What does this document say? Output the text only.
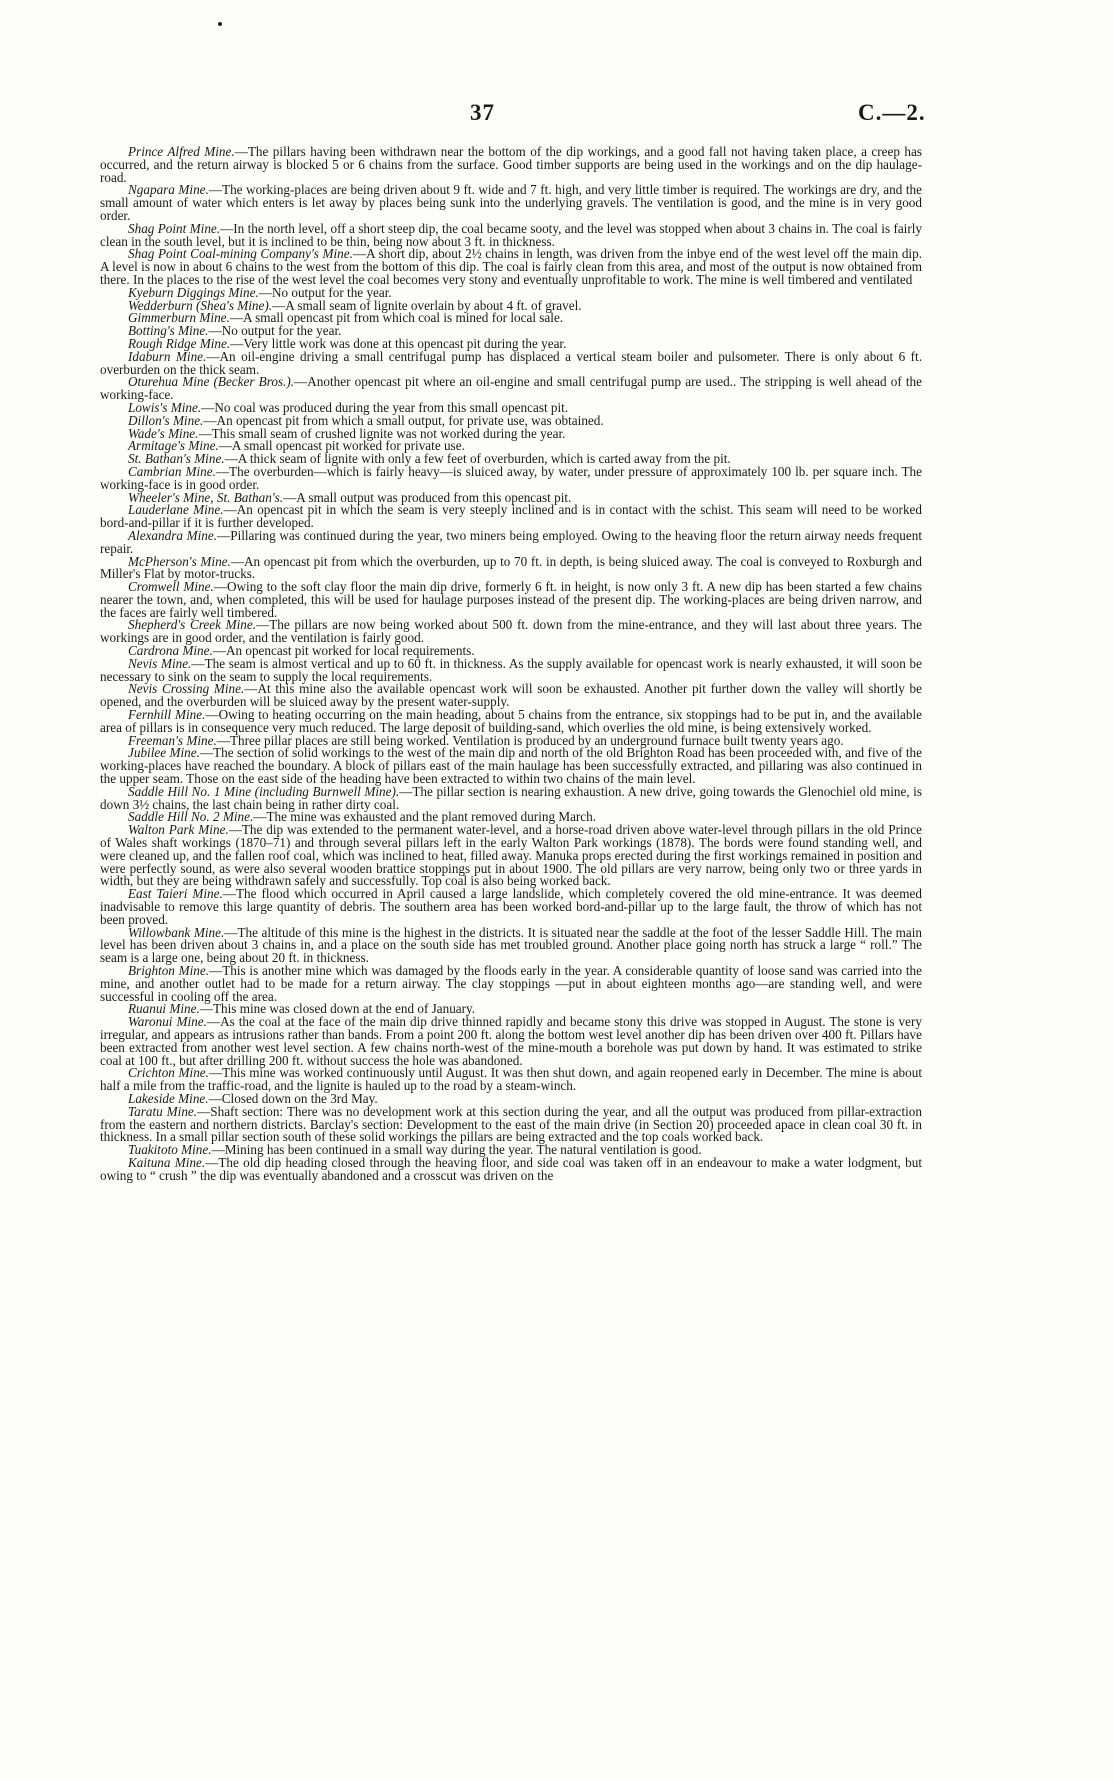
37	C.—2.

Prince Alfred Mine.—The pillars having been withdrawn near the bottom of the dip workings, and a good fall not having taken place, a creep has occurred, and the return airway is blocked 5 or 6 chains from the surface. Good timber supports are being used in the workings and on the dip haulage-road.

Ngapara Mine.—The working-places are being driven about 9 ft. wide and 7 ft. high, and very little timber is required. The workings are dry, and the small amount of water which enters is let away by places being sunk into the underlying gravels. The ventilation is good, and the mine is in very good order.

Shag Point Mine.—In the north level, off a short steep dip, the coal became sooty, and the level was stopped when about 3 chains in. The coal is fairly clean in the south level, but it is inclined to be thin, being now about 3 ft. in thickness.

Shag Point Coal-mining Company's Mine.—A short dip, about 2½ chains in length, was driven from the inbye end of the west level off the main dip. A level is now in about 6 chains to the west from the bottom of this dip. The coal is fairly clean from this area, and most of the output is now obtained from there. In the places to the rise of the west level the coal becomes very stony and eventually unprofitable to work. The mine is well timbered and ventilated

Kyeburn Diggings Mine.—No output for the year.

Wedderburn (Shea's Mine).—A small seam of lignite overlain by about 4 ft. of gravel.

Gimmerburn Mine.—A small opencast pit from which coal is mined for local sale.

Botting's Mine.—No output for the year.

Rough Ridge Mine.—Very little work was done at this opencast pit during the year.

Idaburn Mine.—An oil-engine driving a small centrifugal pump has displaced a vertical steam boiler and pulsometer. There is only about 6 ft. overburden on the thick seam.

Oturehua Mine (Becker Bros.).—Another opencast pit where an oil-engine and small centrifugal pump are used.. The stripping is well ahead of the working-face.

Lowis's Mine.—No coal was produced during the year from this small opencast pit.

Dillon's Mine.—An opencast pit from which a small output, for private use, was obtained.

Wade's Mine.—This small seam of crushed lignite was not worked during the year.

Armitage's Mine.—A small opencast pit worked for private use.

St. Bathan's Mine.—A thick seam of lignite with only a few feet of overburden, which is carted away from the pit.

Cambrian Mine.—The overburden—which is fairly heavy—is sluiced away, by water, under pressure of approximately 100 lb. per square inch. The working-face is in good order.

Wheeler's Mine, St. Bathan's.—A small output was produced from this opencast pit.

Lauderlane Mine.—An opencast pit in which the seam is very steeply inclined and is in contact with the schist. This seam will need to be worked bord-and-pillar if it is further developed.

Alexandra Mine.—Pillaring was continued during the year, two miners being employed. Owing to the heaving floor the return airway needs frequent repair.

McPherson's Mine.—An opencast pit from which the overburden, up to 70 ft. in depth, is being sluiced away. The coal is conveyed to Roxburgh and Miller's Flat by motor-trucks.

Cromwell Mine.—Owing to the soft clay floor the main dip drive, formerly 6 ft. in height, is now only 3 ft. A new dip has been started a few chains nearer the town, and, when completed, this will be used for haulage purposes instead of the present dip. The working-places are being driven narrow, and the faces are fairly well timbered.

Shepherd's Creek Mine.—The pillars are now being worked about 500 ft. down from the mine-entrance, and they will last about three years. The workings are in good order, and the ventilation is fairly good.

Cardrona Mine.—An opencast pit worked for local requirements.

Nevis Mine.—The seam is almost vertical and up to 60 ft. in thickness. As the supply available for opencast work is nearly exhausted, it will soon be necessary to sink on the seam to supply the local requirements.

Nevis Crossing Mine.—At this mine also the available opencast work will soon be exhausted. Another pit further down the valley will shortly be opened, and the overburden will be sluiced away by the present water-supply.

Fernhill Mine.—Owing to heating occurring on the main heading, about 5 chains from the entrance, six stoppings had to be put in, and the available area of pillars is in consequence very much reduced. The large deposit of building-sand, which overlies the old mine, is being extensively worked.

Freeman's Mine.—Three pillar places are still being worked. Ventilation is produced by an underground furnace built twenty years ago.

Jubilee Mine.—The section of solid workings to the west of the main dip and north of the old Brighton Road has been proceeded with, and five of the working-places have reached the boundary. A block of pillars east of the main haulage has been successfully extracted, and pillaring was also continued in the upper seam. Those on the east side of the heading have been extracted to within two chains of the main level.

Saddle Hill No. 1 Mine (including Burnwell Mine).—The pillar section is nearing exhaustion. A new drive, going towards the Glenochiel old mine, is down 3½ chains, the last chain being in rather dirty coal.

Saddle Hill No. 2 Mine.—The mine was exhausted and the plant removed during March.

Walton Park Mine.—The dip was extended to the permanent water-level, and a horse-road driven above water-level through pillars in the old Prince of Wales shaft workings (1870–71) and through several pillars left in the early Walton Park workings (1878). The bords were found standing well, and were cleaned up, and the fallen roof coal, which was inclined to heat, filled away. Manuka props erected during the first workings remained in position and were perfectly sound, as were also several wooden brattice stoppings put in about 1900. The old pillars are very narrow, being only two or three yards in width, but they are being withdrawn safely and successfully. Top coal is also being worked back.

East Taieri Mine.—The flood which occurred in April caused a large landslide, which completely covered the old mine-entrance. It was deemed inadvisable to remove this large quantity of debris. The southern area has been worked bord-and-pillar up to the large fault, the throw of which has not been proved.

Willowbank Mine.—The altitude of this mine is the highest in the districts. It is situated near the saddle at the foot of the lesser Saddle Hill. The main level has been driven about 3 chains in, and a place on the south side has met troubled ground. Another place going north has struck a large “ roll.” The seam is a large one, being about 20 ft. in thickness.

Brighton Mine.—This is another mine which was damaged by the floods early in the year. A considerable quantity of loose sand was carried into the mine, and another outlet had to be made for a return airway. The clay stoppings —put in about eighteen months ago—are standing well, and were successful in cooling off the area.

Ruanui Mine.—This mine was closed down at the end of January.

Waronui Mine.—As the coal at the face of the main dip drive thinned rapidly and became stony this drive was stopped in August. The stone is very irregular, and appears as intrusions rather than bands. From a point 200 ft. along the bottom west level another dip has been driven over 400 ft. Pillars have been extracted from another west level section. A few chains north-west of the mine-mouth a borehole was put down by hand. It was estimated to strike coal at 100 ft., but after drilling 200 ft. without success the hole was abandoned.

Crichton Mine.—This mine was worked continuously until August. It was then shut down, and again reopened early in December. The mine is about half a mile from the traffic-road, and the lignite is hauled up to the road by a steam-winch.

Lakeside Mine.—Closed down on the 3rd May.

Taratu Mine.—Shaft section: There was no development work at this section during the year, and all the output was produced from pillar-extraction from the eastern and northern districts. Barclay's section: Development to the east of the main drive (in Section 20) proceeded apace in clean coal 30 ft. in thickness. In a small pillar section south of these solid workings the pillars are being extracted and the top coals worked back.

Tuakitoto Mine.—Mining has been continued in a small way during the year. The natural ventilation is good.

Kaituna Mine.—The old dip heading closed through the heaving floor, and side coal was taken off in an endeavour to make a water lodgment, but owing to “ crush ” the dip was eventually abandoned and a crosscut was driven on the
